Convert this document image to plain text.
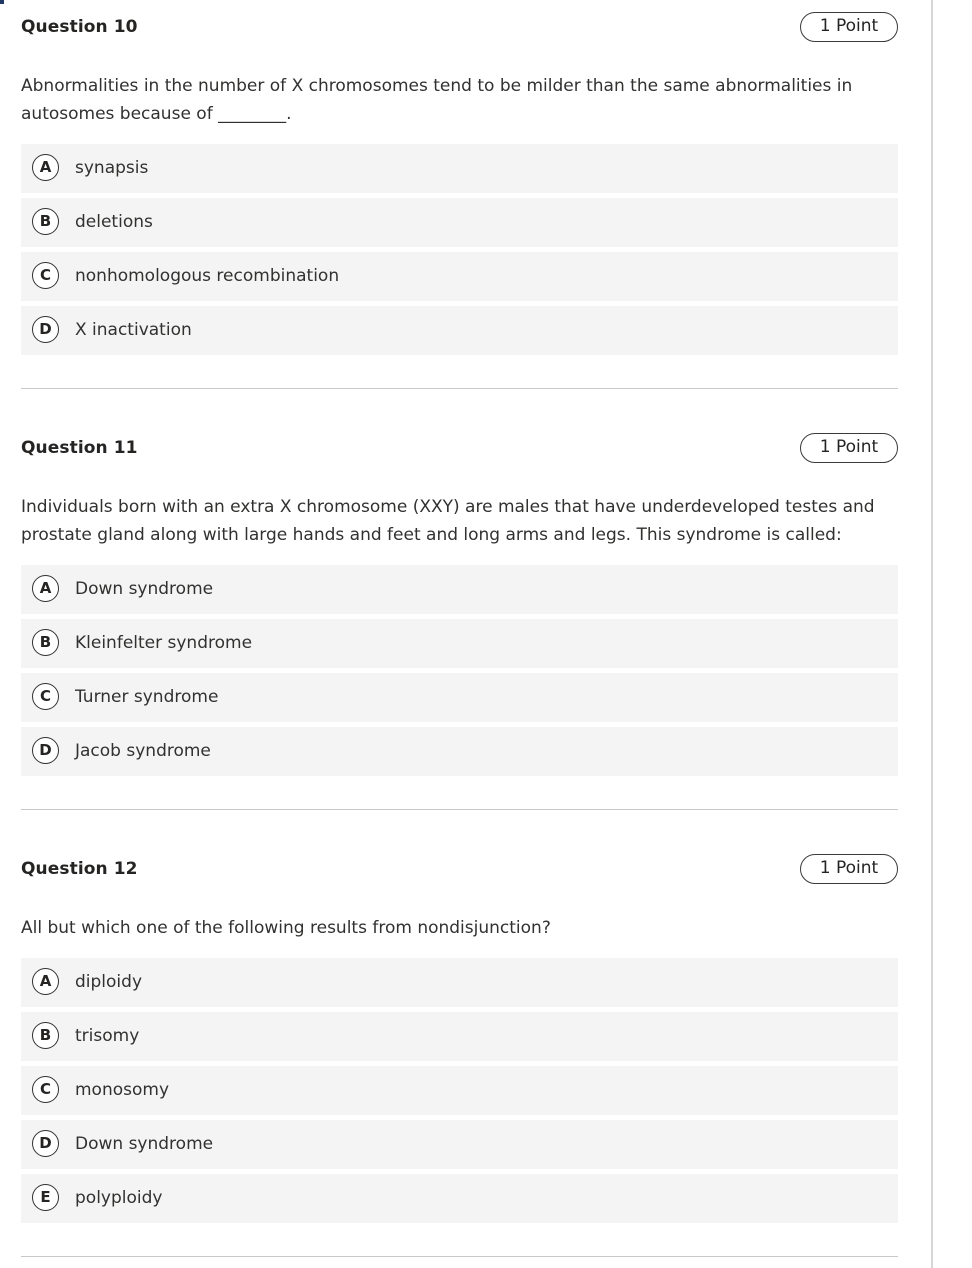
Question 10	1 Point
Abnormalities in the number of X chromosomes tend to be milder than the same abnormalities in autosomes because of ________.
A	synapsis
B	deletions
C	nonhomologous recombination
D	X inactivation
Question 11	1 Point
Individuals born with an extra X chromosome (XXY) are males that have underdeveloped testes and prostate gland along with large hands and feet and long arms and legs. This syndrome is called:
A	Down syndrome
B	Kleinfelter syndrome
C	Turner syndrome
D	Jacob syndrome
Question 12	1 Point
All but which one of the following results from nondisjunction?
A	diploidy
B	trisomy
C	monosomy
D	Down syndrome
E	polyploidy
